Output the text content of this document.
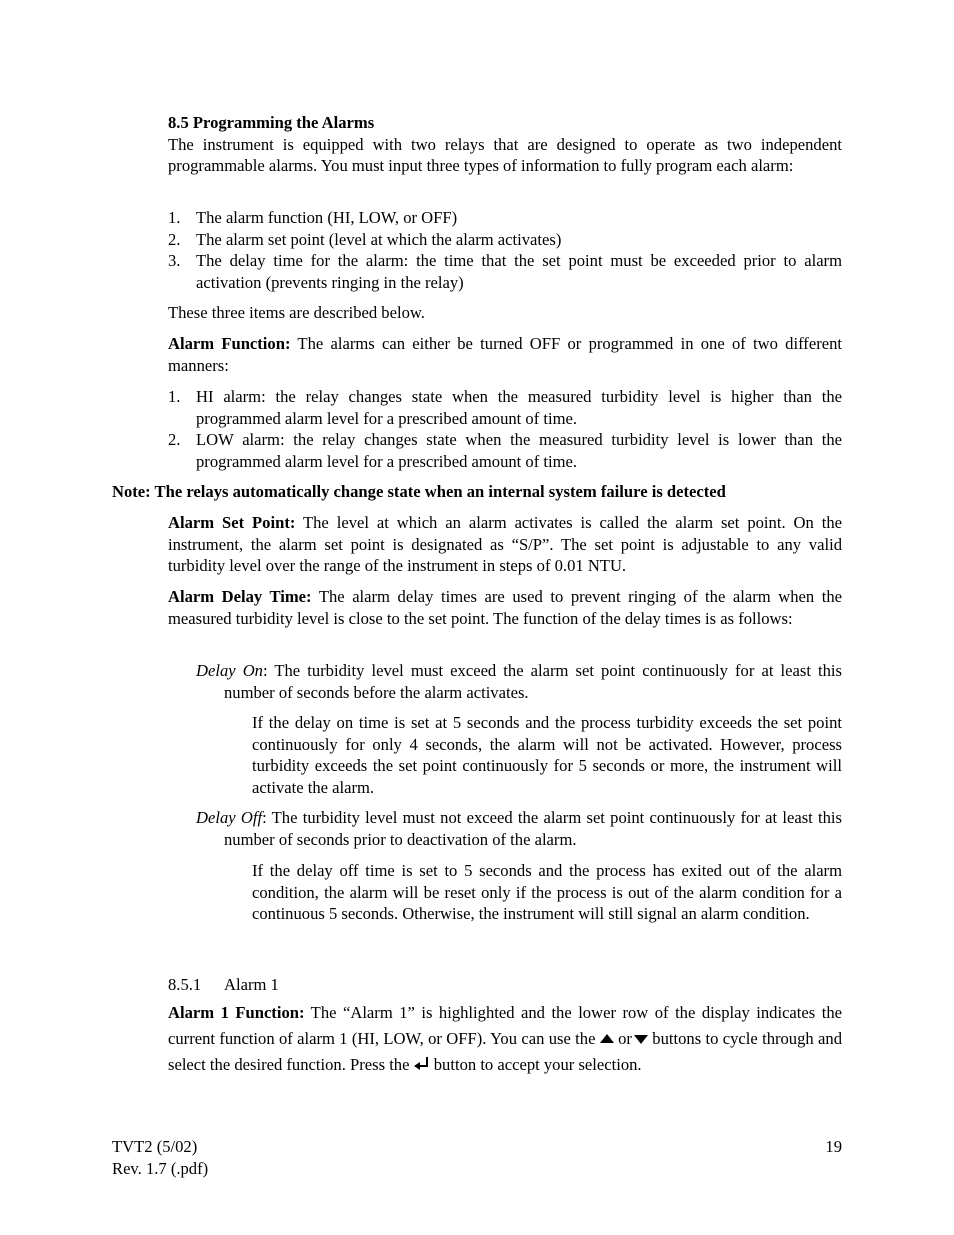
8.5 Programming the Alarms

The instrument is equipped with two relays that are designed to operate as two independent programmable alarms. You must input three types of information to fully program each alarm:

1. The alarm function (HI, LOW, or OFF)
2. The alarm set point (level at which the alarm activates)
3. The delay time for the alarm: the time that the set point must be exceeded prior to alarm activation (prevents ringing in the relay)

These three items are described below.

Alarm Function: The alarms can either be turned OFF or programmed in one of two different manners:

1. HI alarm: the relay changes state when the measured turbidity level is higher than the programmed alarm level for a prescribed amount of time.
2. LOW alarm: the relay changes state when the measured turbidity level is lower than the programmed alarm level for a prescribed amount of time.
Note: The relays automatically change state when an internal system failure is detected

Alarm Set Point: The level at which an alarm activates is called the alarm set point. On the instrument, the alarm set point is designated as “S/P”. The set point is adjustable to any valid turbidity level over the range of the instrument in steps of 0.01 NTU.

Alarm Delay Time: The alarm delay times are used to prevent ringing of the alarm when the measured turbidity level is close to the set point. The function of the delay times is as follows:

Delay On: The turbidity level must exceed the alarm set point continuously for at least this number of seconds before the alarm activates.
If the delay on time is set at 5 seconds and the process turbidity exceeds the set point continuously for only 4 seconds, the alarm will not be activated. However, process turbidity exceeds the set point continuously for 5 seconds or more, the instrument will activate the alarm.
Delay Off: The turbidity level must not exceed the alarm set point continuously for at least this number of seconds prior to deactivation of the alarm.
If the delay off time is set to 5 seconds and the process has exited out of the alarm condition, the alarm will be reset only if the process is out of the alarm condition for a continuous 5 seconds. Otherwise, the instrument will still signal an alarm condition.
8.5.1 Alarm 1

Alarm 1 Function: The “Alarm 1” is highlighted and the lower row of the display indicates the current function of alarm 1 (HI, LOW, or OFF). You can use the  or buttons to cycle through and select the desired function. Press the  button to accept your selection.

TVT2 (5/02)

Rev. 1.7 (.pdf)

19
